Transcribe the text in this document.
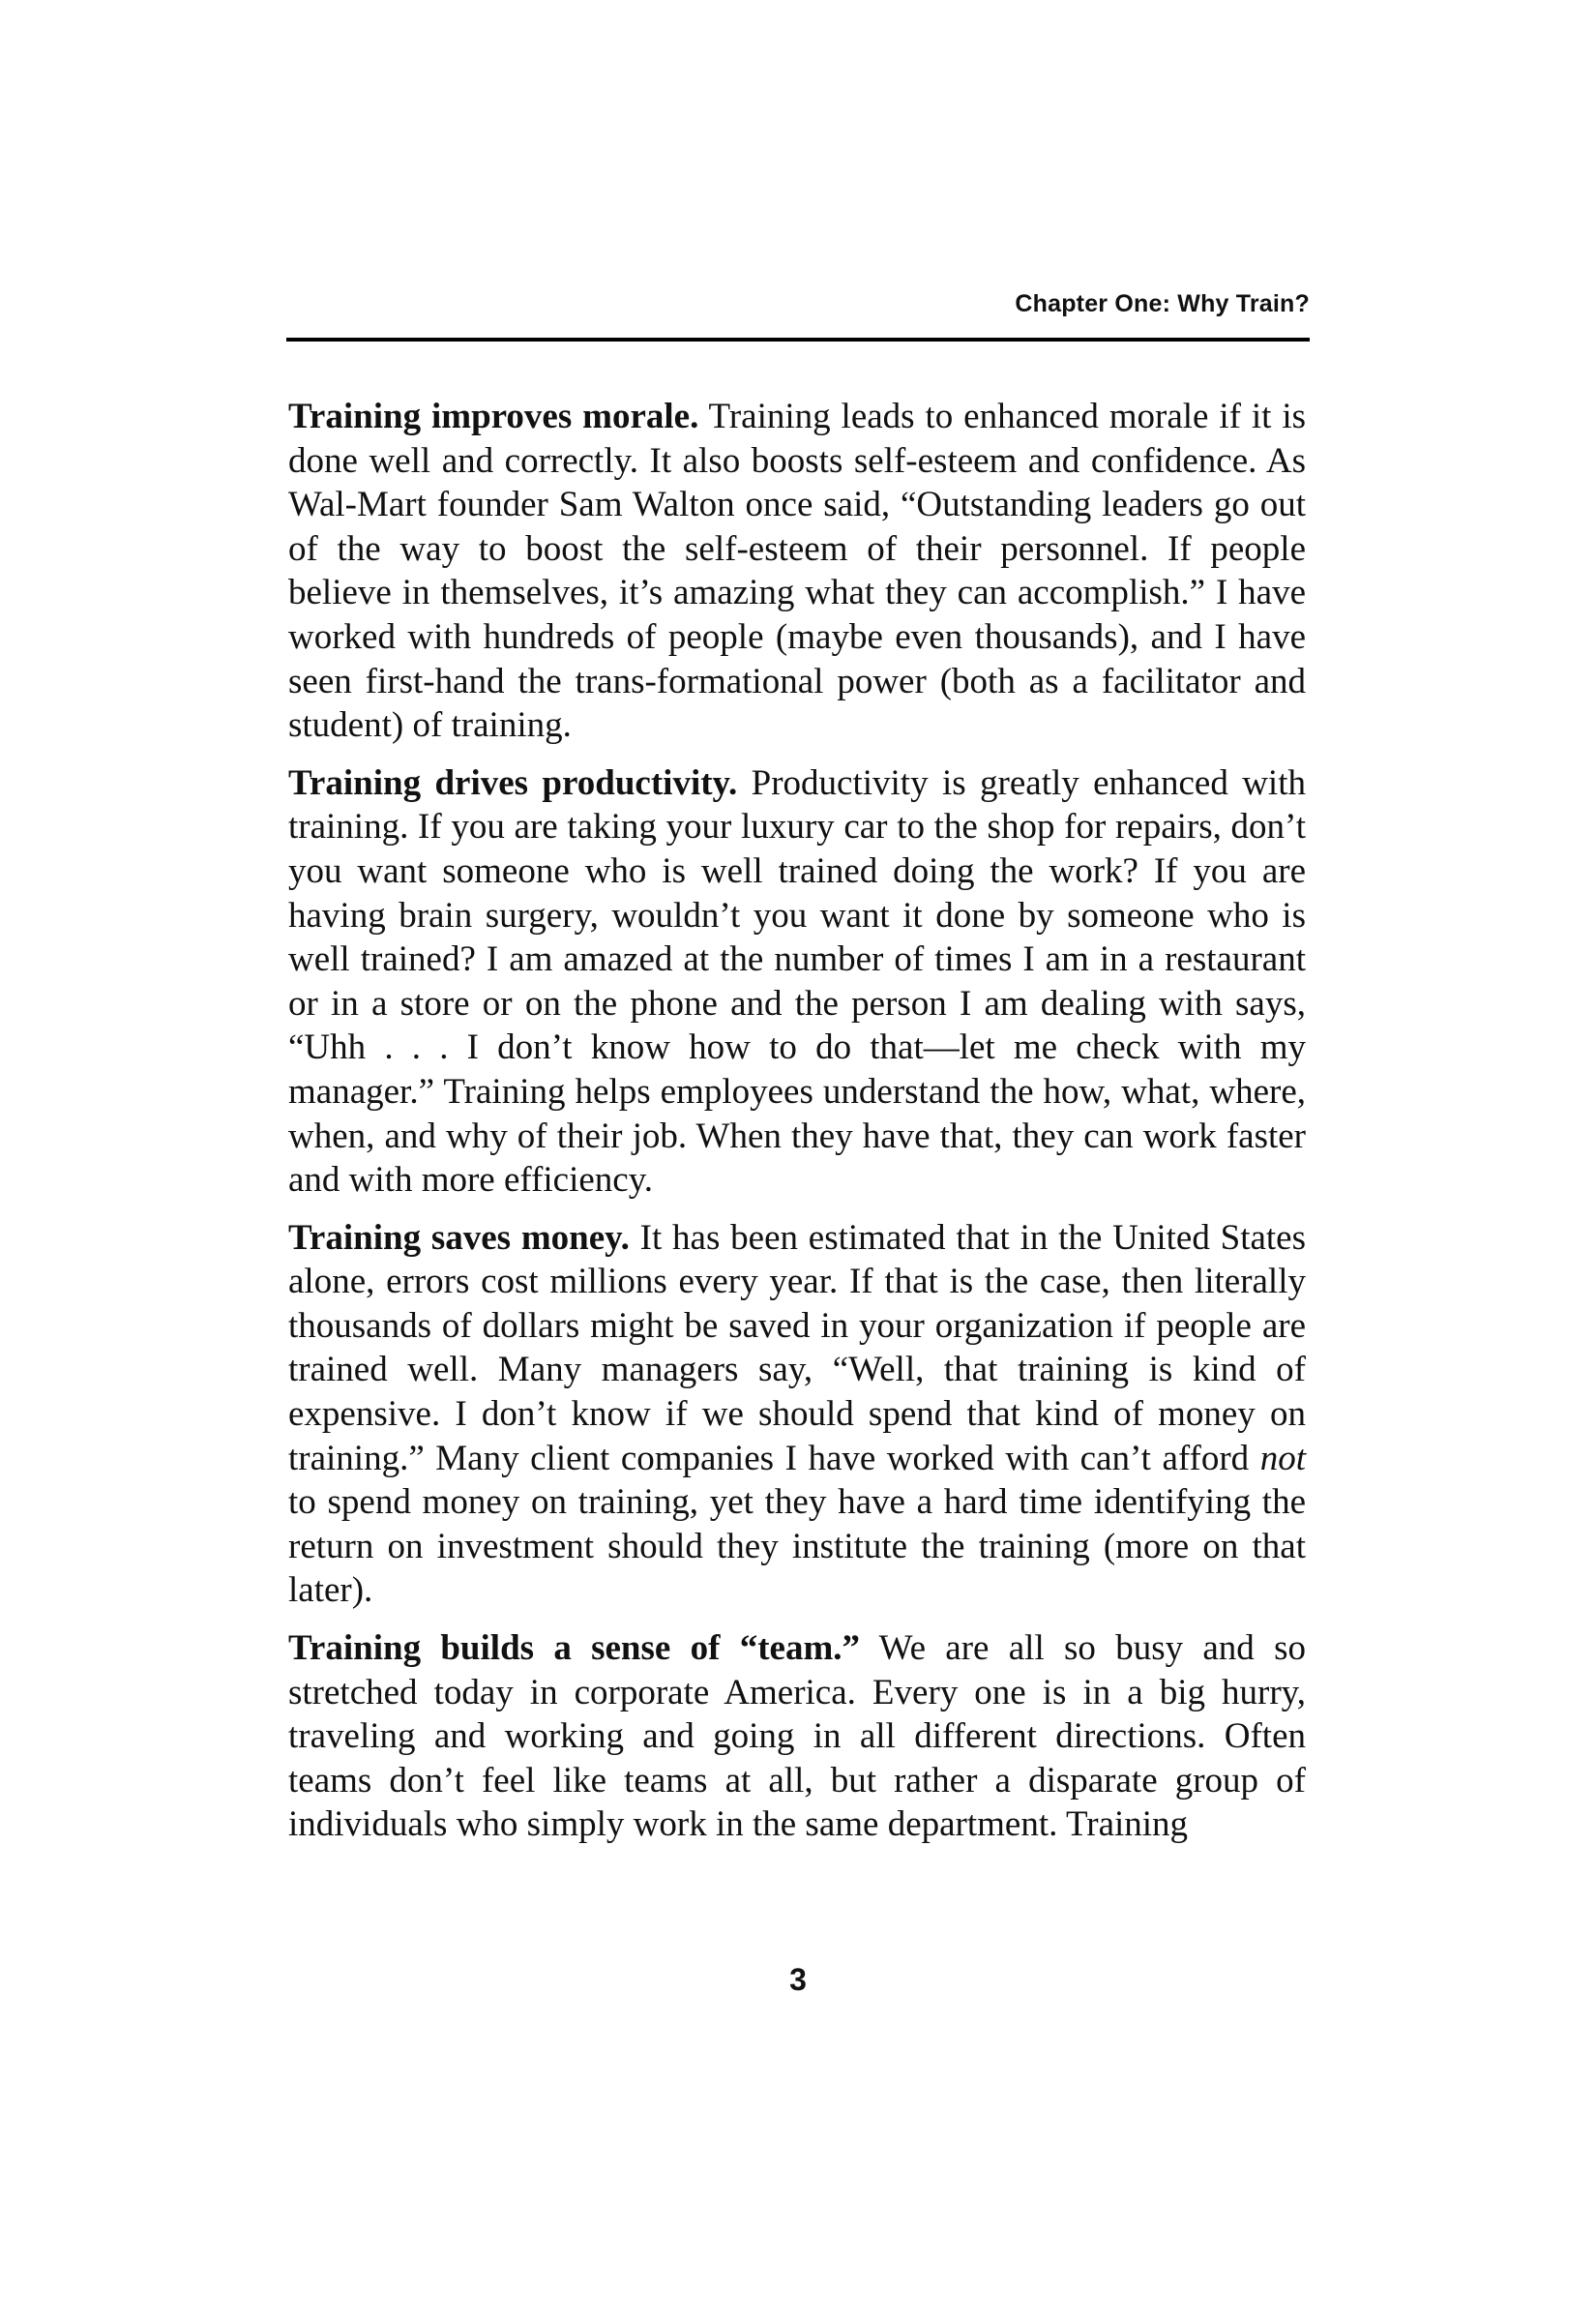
Chapter One: Why Train?

Training improves morale. Training leads to enhanced morale if it is done well and correctly. It also boosts self-esteem and confidence. As Wal-Mart founder Sam Walton once said, “Outstanding leaders go out of the way to boost the self-esteem of their personnel. If people believe in themselves, it’s amazing what they can accomplish.” I have worked with hundreds of people (maybe even thousands), and I have seen first-hand the trans-formational power (both as a facilitator and student) of training.

Training drives productivity. Productivity is greatly enhanced with training. If you are taking your luxury car to the shop for repairs, don’t you want someone who is well trained doing the work? If you are having brain surgery, wouldn’t you want it done by someone who is well trained? I am amazed at the number of times I am in a restaurant or in a store or on the phone and the person I am dealing with says, “Uhh . . . I don’t know how to do that—let me check with my manager.” Training helps employees understand the how, what, where, when, and why of their job. When they have that, they can work faster and with more efficiency.

Training saves money. It has been estimated that in the United States alone, errors cost millions every year. If that is the case, then literally thousands of dollars might be saved in your organization if people are trained well. Many managers say, “Well, that training is kind of expensive. I don’t know if we should spend that kind of money on training.” Many client companies I have worked with can’t afford not to spend money on training, yet they have a hard time identifying the return on investment should they institute the training (more on that later).

Training builds a sense of “team.” We are all so busy and so stretched today in corporate America. Every one is in a big hurry, traveling and working and going in all different directions. Often teams don’t feel like teams at all, but rather a disparate group of individuals who simply work in the same department. Training

3
